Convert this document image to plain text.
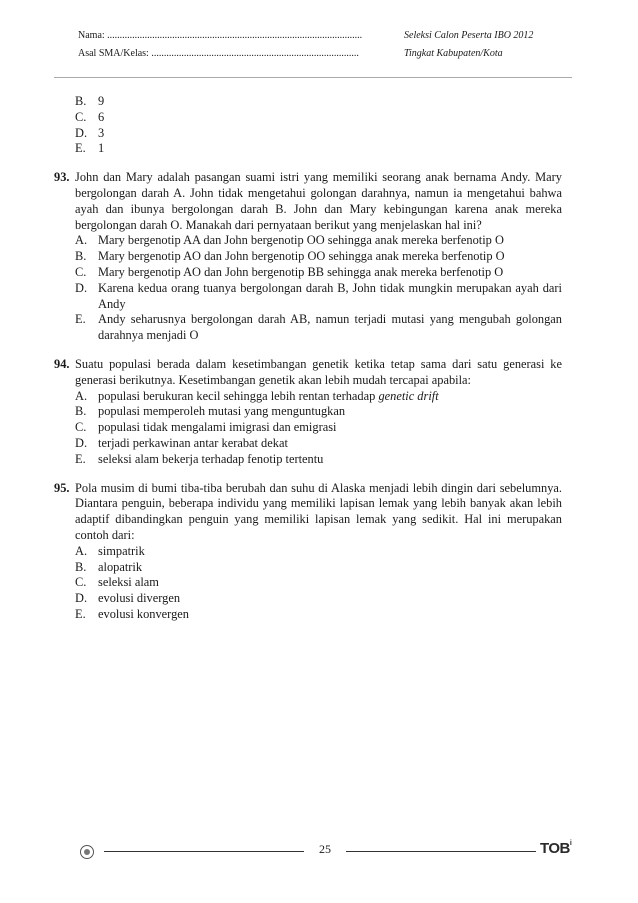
Nama: ......................................................................................................	Seleksi Calon Peserta IBO 2012
Asal SMA/Kelas: ...................................................................................	Tingkat Kabupaten/Kota
B. 9
C. 6
D. 3
E. 1
93. John dan Mary adalah pasangan suami istri yang memiliki seorang anak bernama Andy. Mary bergolongan darah A. John tidak mengetahui golongan darahnya, namun ia mengetahui bahwa ayah dan ibunya bergolongan darah B. John dan Mary kebingungan karena anak mereka bergolongan darah O. Manakah dari pernyataan berikut yang menjelaskan hal ini?
A. Mary bergenotip AA dan John bergenotip OO sehingga anak mereka berfenotip O
B. Mary bergenotip AO dan John bergenotip OO sehingga anak mereka berfenotip O
C. Mary bergenotip AO dan John bergenotip BB sehingga anak mereka berfenotip O
D. Karena kedua orang tuanya bergolongan darah B, John tidak mungkin merupakan ayah dari Andy
E. Andy seharusnya bergolongan darah AB, namun terjadi mutasi yang mengubah golongan darahnya menjadi O
94. Suatu populasi berada dalam kesetimbangan genetik ketika tetap sama dari satu generasi ke generasi berikutnya. Kesetimbangan genetik akan lebih mudah tercapai apabila:
A. populasi berukuran kecil sehingga lebih rentan terhadap genetic drift
B. populasi memperoleh mutasi yang menguntugkan
C. populasi tidak mengalami imigrasi dan emigrasi
D. terjadi perkawinan antar kerabat dekat
E. seleksi alam bekerja terhadap fenotip tertentu
95. Pola musim di bumi tiba-tiba berubah dan suhu di Alaska menjadi lebih dingin dari sebelumnya. Diantara penguin, beberapa individu yang memiliki lapisan lemak yang lebih banyak akan lebih adaptif dibandingkan penguin yang memiliki lapisan lemak yang sedikit. Hal ini merupakan contoh dari:
A. simpatrik
B. alopatrik
C. seleksi alam
D. evolusi divergen
E. evolusi konvergen
25	TOB$^i$
